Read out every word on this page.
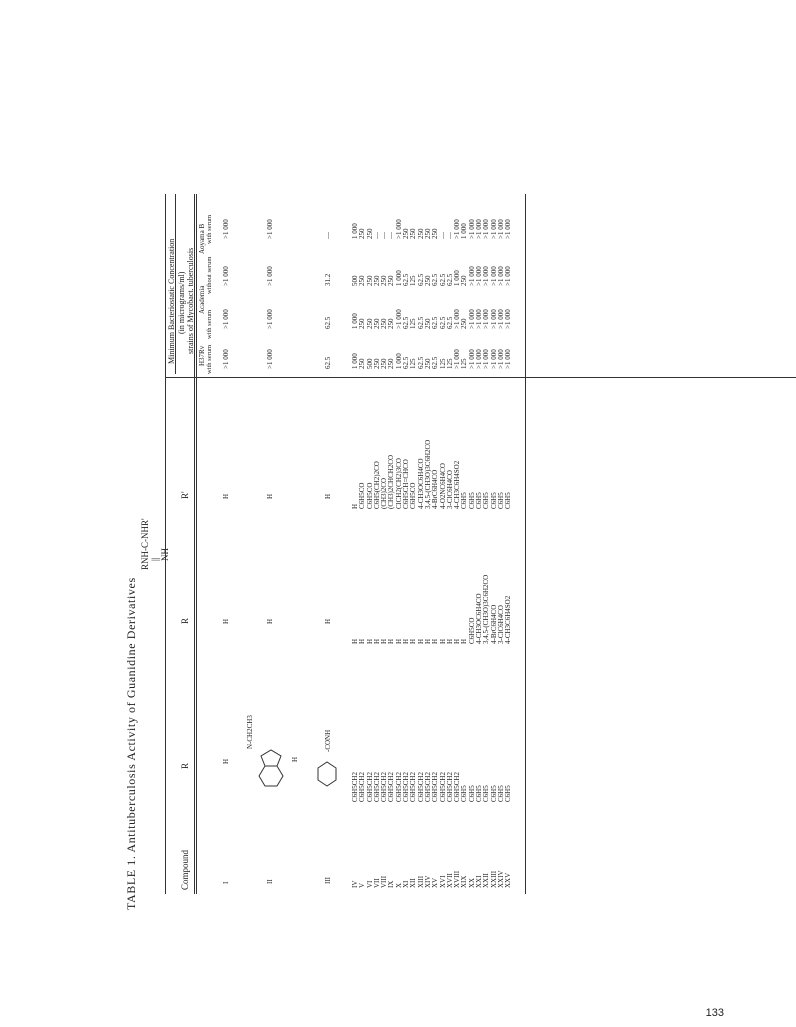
TABLE 1. Antituberculosis Activity of Guanidine Derivatives
RNH-C-NHR'
||
NH
Compound
R
R
R'
Minimum Bacteriostatic Concentration (in micrograms/ml) strains of Mycobact. tuberculosis
H37Rv
Academia
Aoyama B
with serum
with serum
without serum
with serum
I
H
H
H
>1 000
>1 000
>1 000
>1 000
N-CH2CH3
H
II
H
H
>1 000
>1 000
>1 000
>1 000
-CONH
III
H
H
62.5
62.5
31.2
—
IV
V
VI
VII
VIII
IX
X
XI
XII
XIII
XIV
XV
XVI
XVII
XVIII
XIX
XX
XXI
XXII
XXIII
XXIV
XXV
C6H5CH2
C6H5CH2
C6H5CH2
C6H5CH2
C6H5CH2
C6H5CH2
C6H5CH2
C6H5CH2
C6H5CH2
C6H5CH2
C6H5CH2
C6H5CH2
C6H5CH2
C6H5CH2
C6H5CH2
C6H5
C6H5
C6H5
C6H5
C6H5
C6H5
C6H5
H
H
H
H
H
H
H
H
H
H
H
H
H
H
H
H
C6H5CO
4-CH3OC6H4CO
3,4,5-(CH3O)3C6H2CO
4-BrC6H4CO
3-ClC6H4CO
4-CH3C6H4SO2
H
C6H5CO
C6H5CO
C6H5(CH2)2CO
(CH3)2CO
(CH3)2CHCH2CO
ClCH2(CH2)3CO
C6H5CH=CHCO
C6H5CO
4-CH3OC6H4CO
3,4,5-(CH3O)3C6H2CO
4-BrC6H4CO
4-O2NC6H4CO
3-ClC6H4CO
4-CH3C6H4SO2
C6H5
C6H5
C6H5
C6H5
C6H5
C6H5
C6H5
1 000
250
500
250
250
250
1 000
62.5
125
62.5
250
62.5
125
125
>1 000
125
>1 000
>1 000
>1 000
>1 000
>1 000
>1 000
1 000
250
250
250
250
250
>1 000
62.5
125
62.5
250
62.5
62.5
62.5
>1 000
250
>1 000
>1 000
>1 000
>1 000
>1 000
>1 000
500
250
250
250
250
250
1 000
62.5
125
62.5
250
62.5
62.5
62.5
1 000
250
>1 000
>1 000
>1 000
>1 000
>1 000
>1 000
1 000
250
250
—
—
—
>1 000
250
250
250
250
250
—
—
>1 000
1 000
>1 000
>1 000
>1 000
>1 000
>1 000
>1 000
133
